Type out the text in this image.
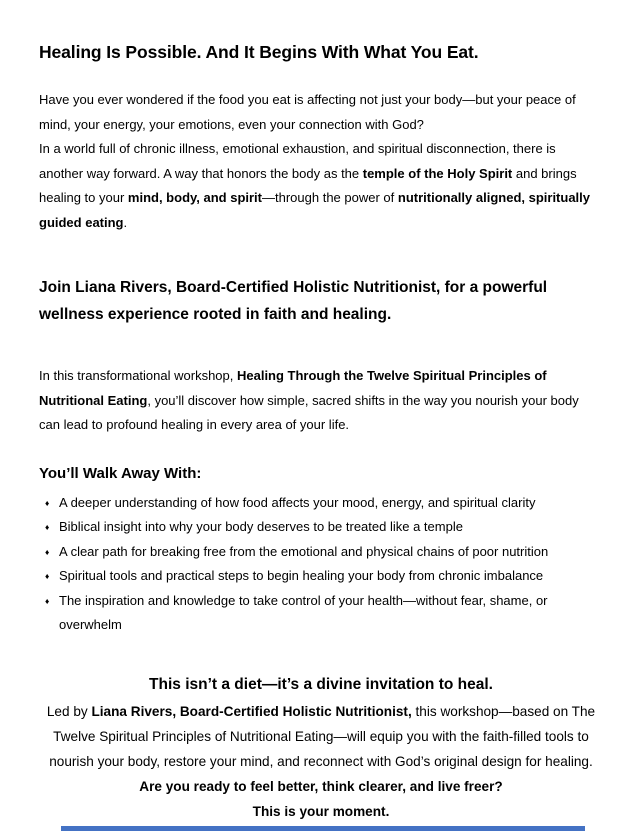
Healing Is Possible. And It Begins With What You Eat.

Have you ever wondered if the food you eat is affecting not just your body—but your peace of mind, your energy, your emotions, even your connection with God?

In a world full of chronic illness, emotional exhaustion, and spiritual disconnection, there is another way forward. A way that honors the body as the temple of the Holy Spirit and brings healing to your mind, body, and spirit—through the power of nutritionally aligned, spiritually guided eating.

Join Liana Rivers, Board-Certified Holistic Nutritionist, for a powerful wellness experience rooted in faith and healing.

In this transformational workshop, Healing Through the Twelve Spiritual Principles of Nutritional Eating, you’ll discover how simple, sacred shifts in the way you nourish your body can lead to profound healing in every area of your life.

You’ll Walk Away With:
♦ A deeper understanding of how food affects your mood, energy, and spiritual clarity
♦ Biblical insight into why your body deserves to be treated like a temple
♦ A clear path for breaking free from the emotional and physical chains of poor nutrition
♦ Spiritual tools and practical steps to begin healing your body from chronic imbalance
♦ The inspiration and knowledge to take control of your health—without fear, shame, or overwhelm

This isn’t a diet—it’s a divine invitation to heal.

Led by Liana Rivers, Board-Certified Holistic Nutritionist, this workshop—based on The Twelve Spiritual Principles of Nutritional Eating—will equip you with the faith-filled tools to nourish your body, restore your mind, and reconnect with God’s original design for healing.

Are you ready to feel better, think clearer, and live freer?

This is your moment.
